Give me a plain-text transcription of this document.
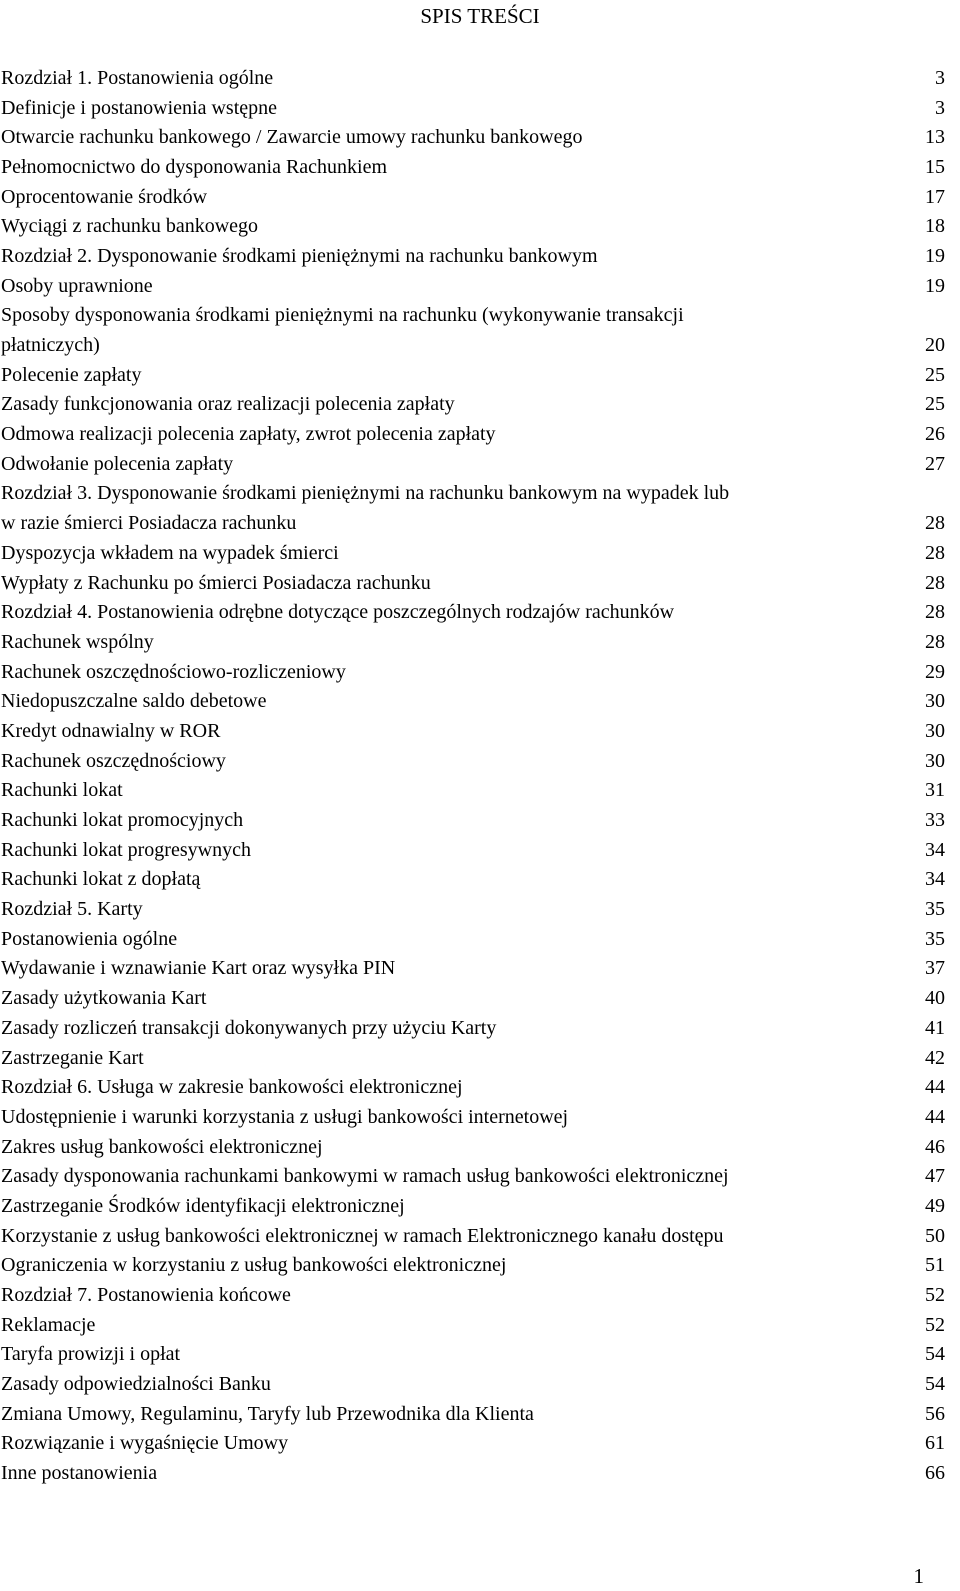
SPIS TREŚCI
Rozdział 1. Postanowienia ogólne	3
Definicje i postanowienia wstępne	3
Otwarcie rachunku bankowego / Zawarcie umowy rachunku bankowego	13
Pełnomocnictwo do dysponowania Rachunkiem	15
Oprocentowanie środków	17
Wyciągi z rachunku bankowego	18
Rozdział 2. Dysponowanie środkami pieniężnymi na rachunku bankowym	19
Osoby uprawnione	19
Sposoby dysponowania środkami pieniężnymi na rachunku (wykonywanie transakcji
płatniczych)	20
Polecenie zapłaty	25
Zasady funkcjonowania oraz realizacji polecenia zapłaty	25
Odmowa realizacji polecenia zapłaty, zwrot polecenia zapłaty	26
Odwołanie polecenia zapłaty	27
Rozdział 3. Dysponowanie środkami pieniężnymi na rachunku bankowym na wypadek lub
w razie śmierci Posiadacza rachunku	28
Dyspozycja wkładem na wypadek śmierci	28
Wypłaty z Rachunku po śmierci Posiadacza rachunku	28
Rozdział 4. Postanowienia odrębne dotyczące poszczególnych rodzajów rachunków	28
Rachunek wspólny	28
Rachunek oszczędnościowo-rozliczeniowy	29
Niedopuszczalne saldo debetowe	30
Kredyt odnawialny w ROR	30
Rachunek oszczędnościowy	30
Rachunki lokat	31
Rachunki lokat promocyjnych	33
Rachunki lokat progresywnych	34
Rachunki lokat z dopłatą	34
Rozdział 5. Karty	35
Postanowienia ogólne	35
Wydawanie i wznawianie Kart oraz wysyłka PIN	37
Zasady użytkowania Kart	40
Zasady rozliczeń transakcji dokonywanych przy użyciu Karty	41
Zastrzeganie Kart	42
Rozdział 6. Usługa w zakresie bankowości elektronicznej	44
Udostępnienie i warunki korzystania z usługi bankowości internetowej	44
Zakres usług bankowości elektronicznej	46
Zasady dysponowania rachunkami bankowymi w ramach usług bankowości elektronicznej	47
Zastrzeganie Środków identyfikacji elektronicznej	49
Korzystanie z usług bankowości elektronicznej w ramach Elektronicznego kanału dostępu	50
Ograniczenia w korzystaniu z usług bankowości elektronicznej	51
Rozdział 7. Postanowienia końcowe	52
Reklamacje	52
Taryfa prowizji i opłat	54
Zasady odpowiedzialności Banku	54
Zmiana Umowy, Regulaminu, Taryfy lub Przewodnika dla Klienta	56
Rozwiązanie i wygaśnięcie Umowy	61
Inne postanowienia	66
1
